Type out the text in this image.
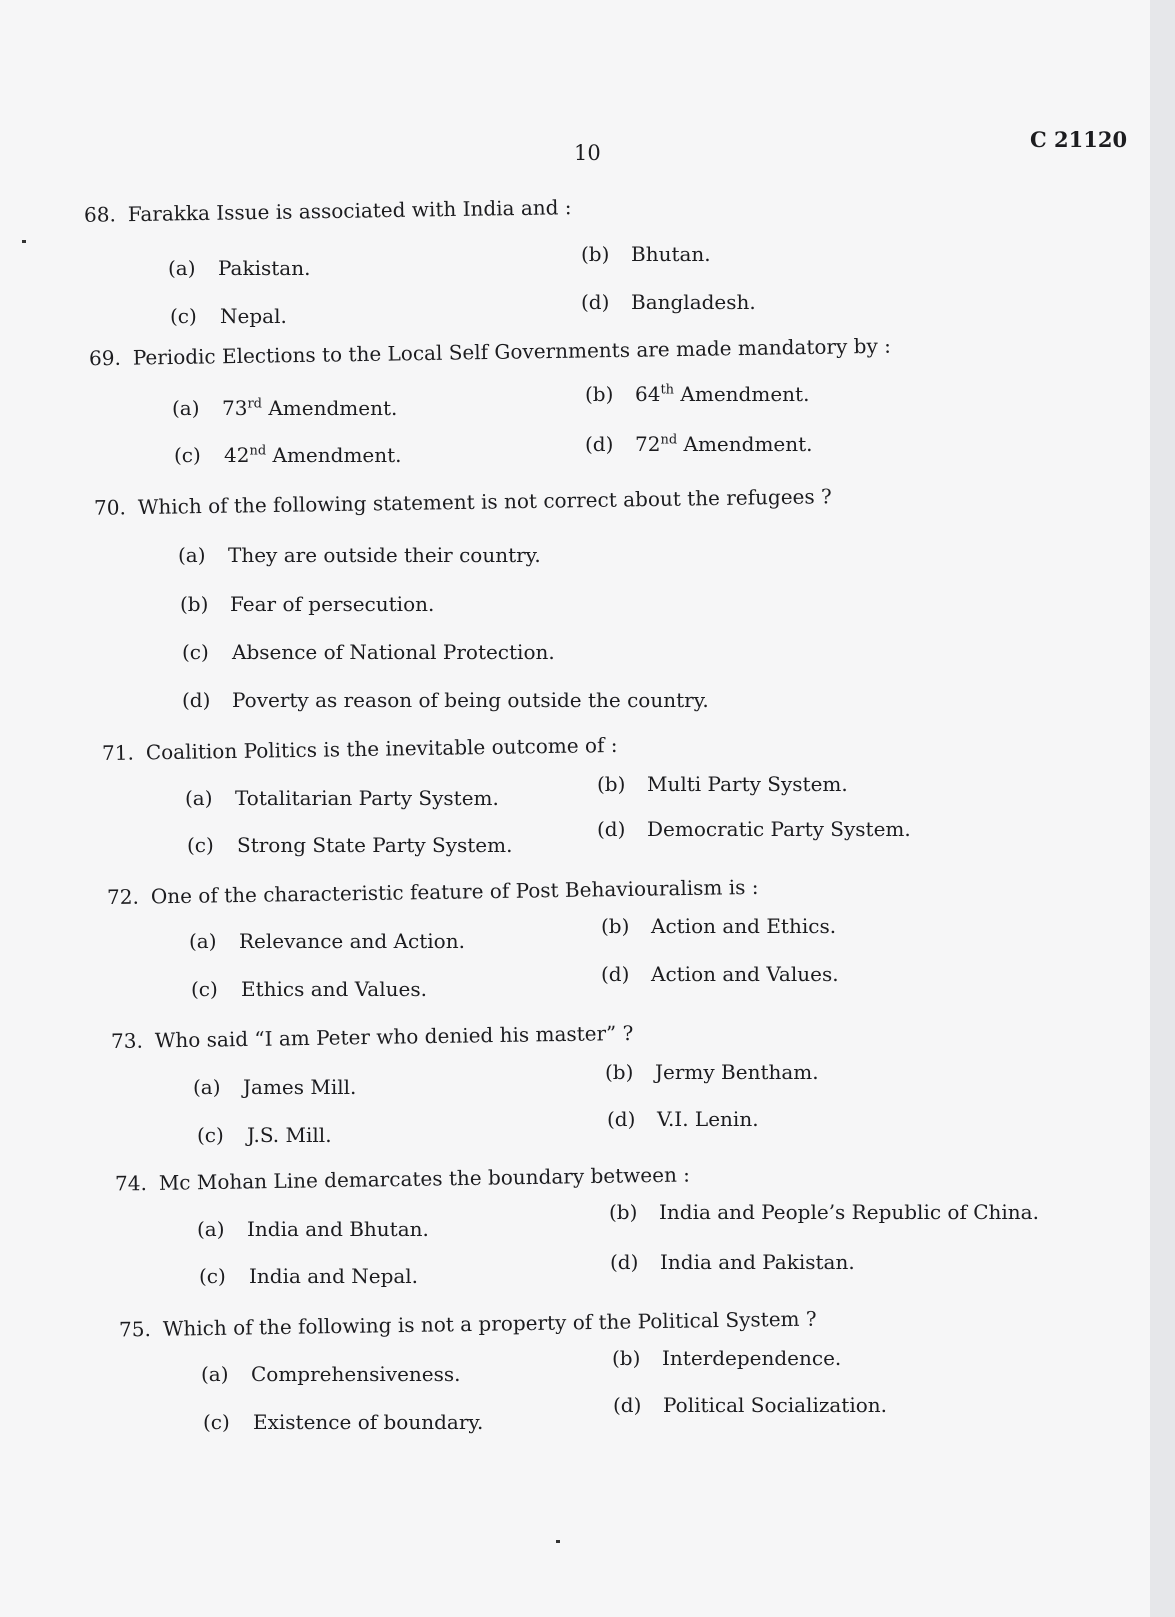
10
C 21120
68. Farakka Issue is associated with India and :
(a) Pakistan.
(b) Bhutan.
(c) Nepal.
(d) Bangladesh.
69. Periodic Elections to the Local Self Governments are made mandatory by :
(a) 73rd Amendment.
(b) 64th Amendment.
(c) 42nd Amendment.	(d) 72nd Amendment.
70. Which of the following statement is not correct about the refugees ?
(a) They are outside their country.
(b) Fear of persecution.
(c) Absence of National Protection.
(d) Poverty as reason of being outside the country.
71. Coalition Politics is the inevitable outcome of :
(a) Totalitarian Party System.
(b) Multi Party System.
(c) Strong State Party System.
(d) Democratic Party System.
72. One of the characteristic feature of Post Behaviouralism is :
(a) Relevance and Action.
(b) Action and Ethics.
(c) Ethics and Values.
(d) Action and Values.
73. Who said “I am Peter who denied his master” ?
(a) James Mill.
(b) Jermy Bentham.
(c) J.S. Mill.
(d) V.I. Lenin.
74. Mc Mohan Line demarcates the boundary between :
(a) India and Bhutan.
(b) India and People’s Republic of China.
(c) India and Nepal.
(d) India and Pakistan.
75. Which of the following is not a property of the Political System ?
(a) Comprehensiveness.
(b) Interdependence.
(c) Existence of boundary.
(d) Political Socialization.
